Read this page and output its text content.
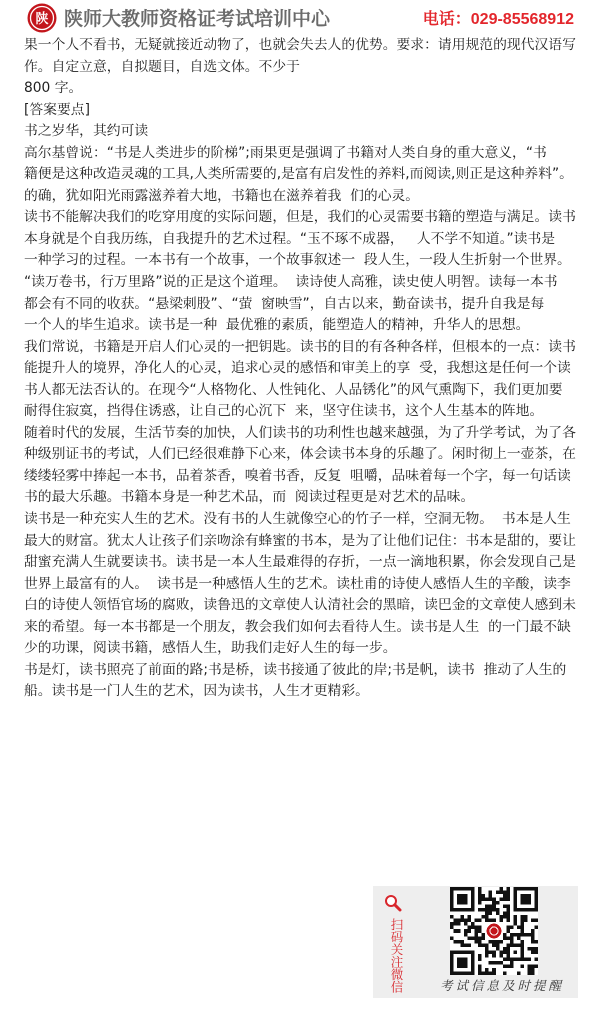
陕 陕师大教师资格证考试培训中心	电话：029-85568912
果一个人不看书，无疑就接近动物了，也就会失去人的优势。要求：请用规范的现代汉语写
作。自定立意，自拟题目，自选文体。不少于
800 字。
[答案要点]
书之岁华，其约可读
高尔基曾说：“书是人类进步的阶梯”;雨果更是强调了书籍对人类自身的重大意义，“书
籍便是这种改造灵魂的工具,人类所需要的,是富有启发性的养料,而阅读,则正是这种养料”。
的确，犹如阳光雨露滋养着大地，书籍也在滋养着我  们的心灵。
读书不能解决我们的吃穿用度的实际问题，但是，我们的心灵需要书籍的塑造与满足。读书
本身就是个自我历练，自我提升的艺术过程。“玉不琢不成器，   人不学不知道。”读书是
一种学习的过程。一本书有一个故事，一个故事叙述一  段人生，一段人生折射一个世界。
“读万卷书，行万里路”说的正是这个道理。  读诗使人高雅，读史使人明智。读每一本书
都会有不同的收获。“悬梁刺股”、“萤  窗映雪”，自古以来，勤奋读书，提升自我是每
一个人的毕生追求。读书是一种  最优雅的素质，能塑造人的精神，升华人的思想。
我们常说，书籍是开启人们心灵的一把钥匙。读书的目的有各种各样，但根本的一点：读书
能提升人的境界，净化人的心灵，追求心灵的感悟和审美上的享  受，我想这是任何一个读
书人都无法否认的。在现今“人格物化、人性钝化、人品锈化”的风气熏陶下，我们更加要
耐得住寂寞，挡得住诱惑，让自己的心沉下  来，坚守住读书，这个人生基本的阵地。
随着时代的发展，生活节奏的加快，人们读书的功利性也越来越强，为了升学考试，为了各
种级别证书的考试，人们已经很难静下心来，体会读书本身的乐趣了。闲时彻上一壶茶，在
缕缕轻雾中捧起一本书，品着茶香，嗅着书香，反复  咀嚼，品味着每一个字，每一句话读
书的最大乐趣。书籍本身是一种艺术品，而  阅读过程更是对艺术的品味。
读书是一种充实人生的艺术。没有书的人生就像空心的竹子一样，空洞无物。  书本是人生
最大的财富。犹太人让孩子们亲吻涂有蜂蜜的书本，是为了让他们记住：书本是甜的，要让
甜蜜充满人生就要读书。读书是一本人生最难得的存折，一点一滴地积累，你会发现自己是
世界上最富有的人。  读书是一种感悟人生的艺术。读杜甫的诗使人感悟人生的辛酸，读李
白的诗使人领悟官场的腐败，读鲁迅的文章使人认清社会的黑暗，读巴金的文章使人感到未
来的希望。每一本书都是一个朋友，教会我们如何去看待人生。读书是人生  的一门最不缺
少的功课，阅读书籍，感悟人生，助我们走好人生的每一步。
书是灯，读书照亮了前面的路;书是桥，读书接通了彼此的岸;书是帆，读书  推动了人生的
船。读书是一门人生的艺术，因为读书，人生才更精彩。
扫码关注微信	考试信息及时提醒
